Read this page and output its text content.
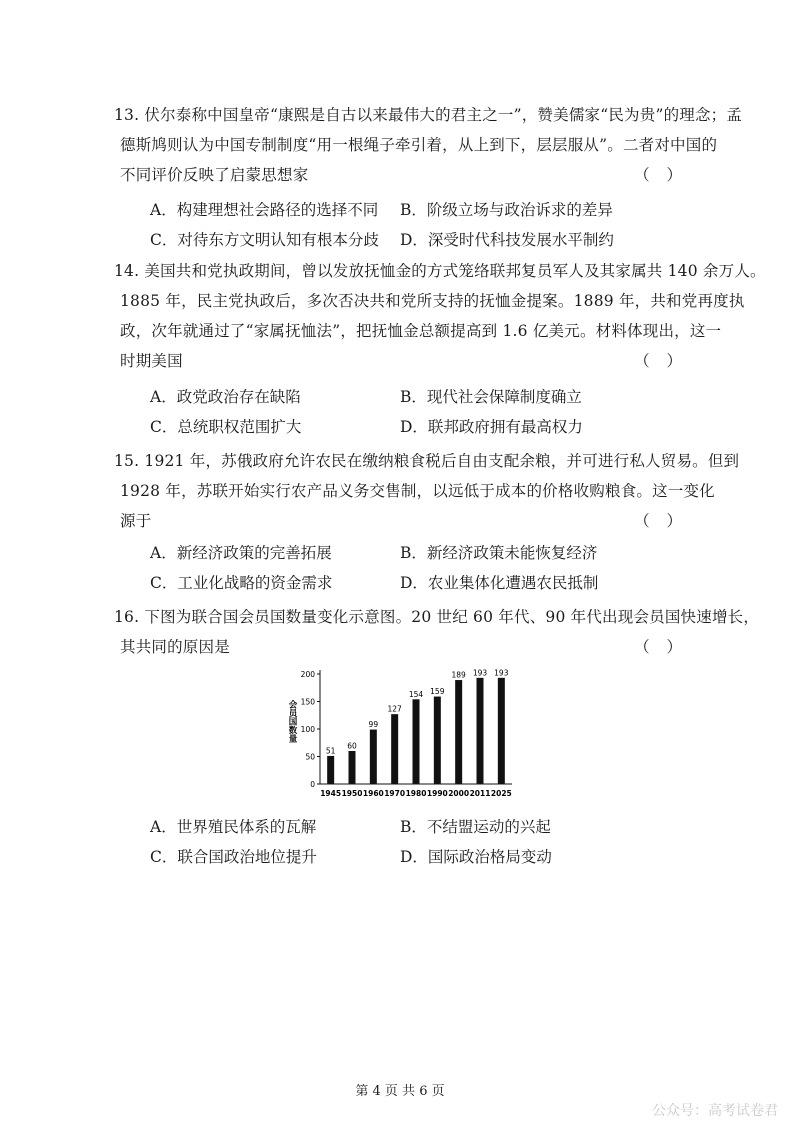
13. 伏尔泰称中国皇帝“康熙是自古以来最伟大的君主之一”，赞美儒家“民为贵”的理念；孟
德斯鸠则认为中国专制制度“用一根绳子牵引着，从上到下，层层服从”。二者对中国的
不同评价反映了启蒙思想家	（ ）
A．构建理想社会路径的选择不同	B．阶级立场与政治诉求的差异
C．对待东方文明认知有根本分歧	D．深受时代科技发展水平制约
14. 美国共和党执政期间，曾以发放抚恤金的方式笼络联邦复员军人及其家属共 140 余万人。
1885 年，民主党执政后，多次否决共和党所支持的抚恤金提案。1889 年，共和党再度执
政，次年就通过了“家属抚恤法”，把抚恤金总额提高到 1.6 亿美元。材料体现出，这一
时期美国	（ ）
A．政党政治存在缺陷	B．现代社会保障制度确立
C．总统职权范围扩大	D．联邦政府拥有最高权力
15. 1921 年，苏俄政府允许农民在缴纳粮食税后自由支配余粮，并可进行私人贸易。但到
1928 年，苏联开始实行农产品义务交售制，以远低于成本的价格收购粮食。这一变化
源于	（ ）
A．新经济政策的完善拓展	B．新经济政策未能恢复经济
C．工业化战略的资金需求	D．农业集体化遭遇农民抵制
16. 下图为联合国会员国数量变化示意图。20 世纪 60 年代、90 年代出现会员国快速增长，
其共同的原因是	（ ）
0
50
100
150
200
1945 1950 1960 1970 1980 1990 2000 2011 2025
51
60
99
127
154 159
189 193 193
会员国数量
A．世界殖民体系的瓦解	B．不结盟运动的兴起
C．联合国政治地位提升	D．国际政治格局变动
第 4 页 共 6 页
公众号：高考试卷君
